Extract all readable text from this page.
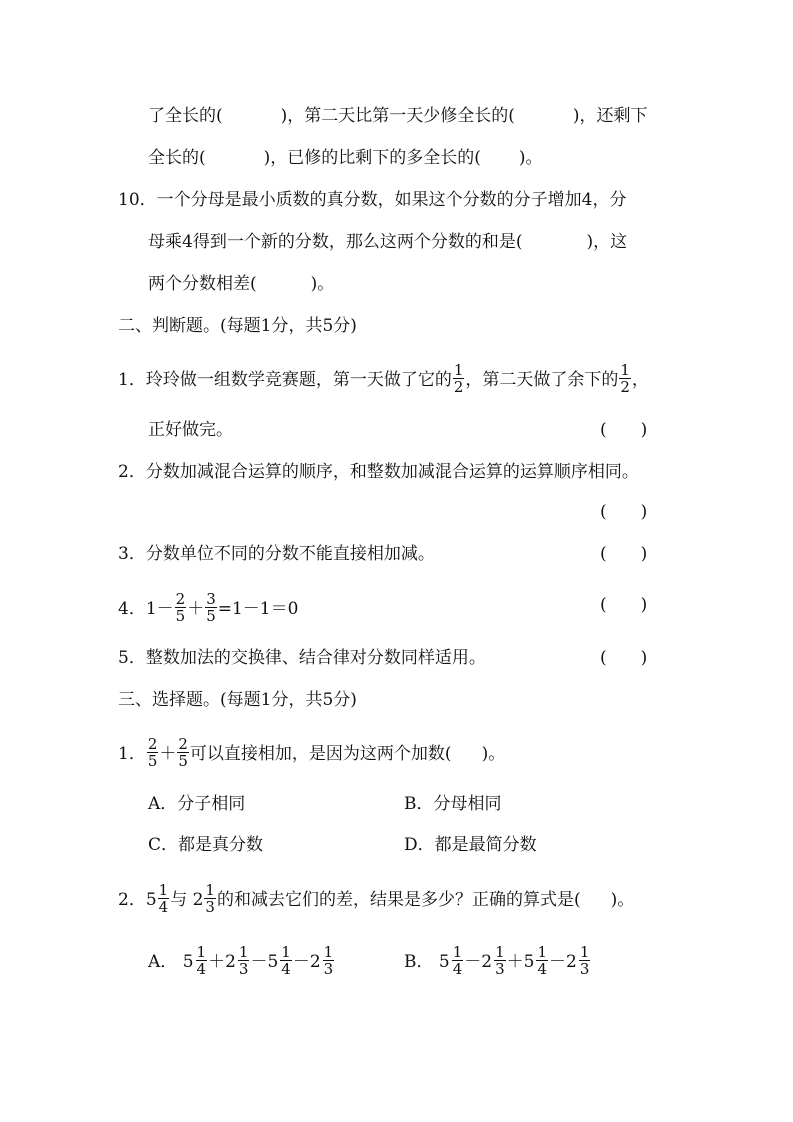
了全长的(	)，第二天比第一天少修全长的(	)，还剩下
全长的(	)，已修的比剩下的多全长的( )。
10．一个分母是最小质数的真分数，如果这个分数的分子增加4，分
母乘4得到一个新的分数，那么这两个分数的和是(	)，这
两个分数相差(	)。
二、判断题。(每题1分，共5分)
1．玲玲做一组数学竞赛题，第一天做了它的 $\frac{1}{2}$ ，第二天做了余下的 $\frac{1}{2}$ ，
正好做完。	(　　)
2．分数加减混合运算的顺序，和整数加减混合运算的运算顺序相同。
(　　)
3．分数单位不同的分数不能直接相加减。	(　　)
4．$1- \frac{2}{5} + \frac{3}{5} =1-1=0$	(　　)
5．整数加法的交换律、结合律对分数同样适用。	(　　)
三、选择题。(每题1分，共5分)
1． $\frac{2}{5} + \frac{2}{5}$ 可以直接相加，是因为这两个加数( )。
A．分子相同	B．分母相同
C．都是真分数	D．都是最简分数
2．$5 \frac{1}{4}$ 与 $2 \frac{1}{3}$ 的和减去它们的差，结果是多少？正确的算式是( )。
A． $5 \frac{1}{4} +2 \frac{1}{3} -5 \frac{1}{4} -2 \frac{1}{3}$	B． $5 \frac{1}{4} -2 \frac{1}{3} +5 \frac{1}{4} -2 \frac{1}{3}$
